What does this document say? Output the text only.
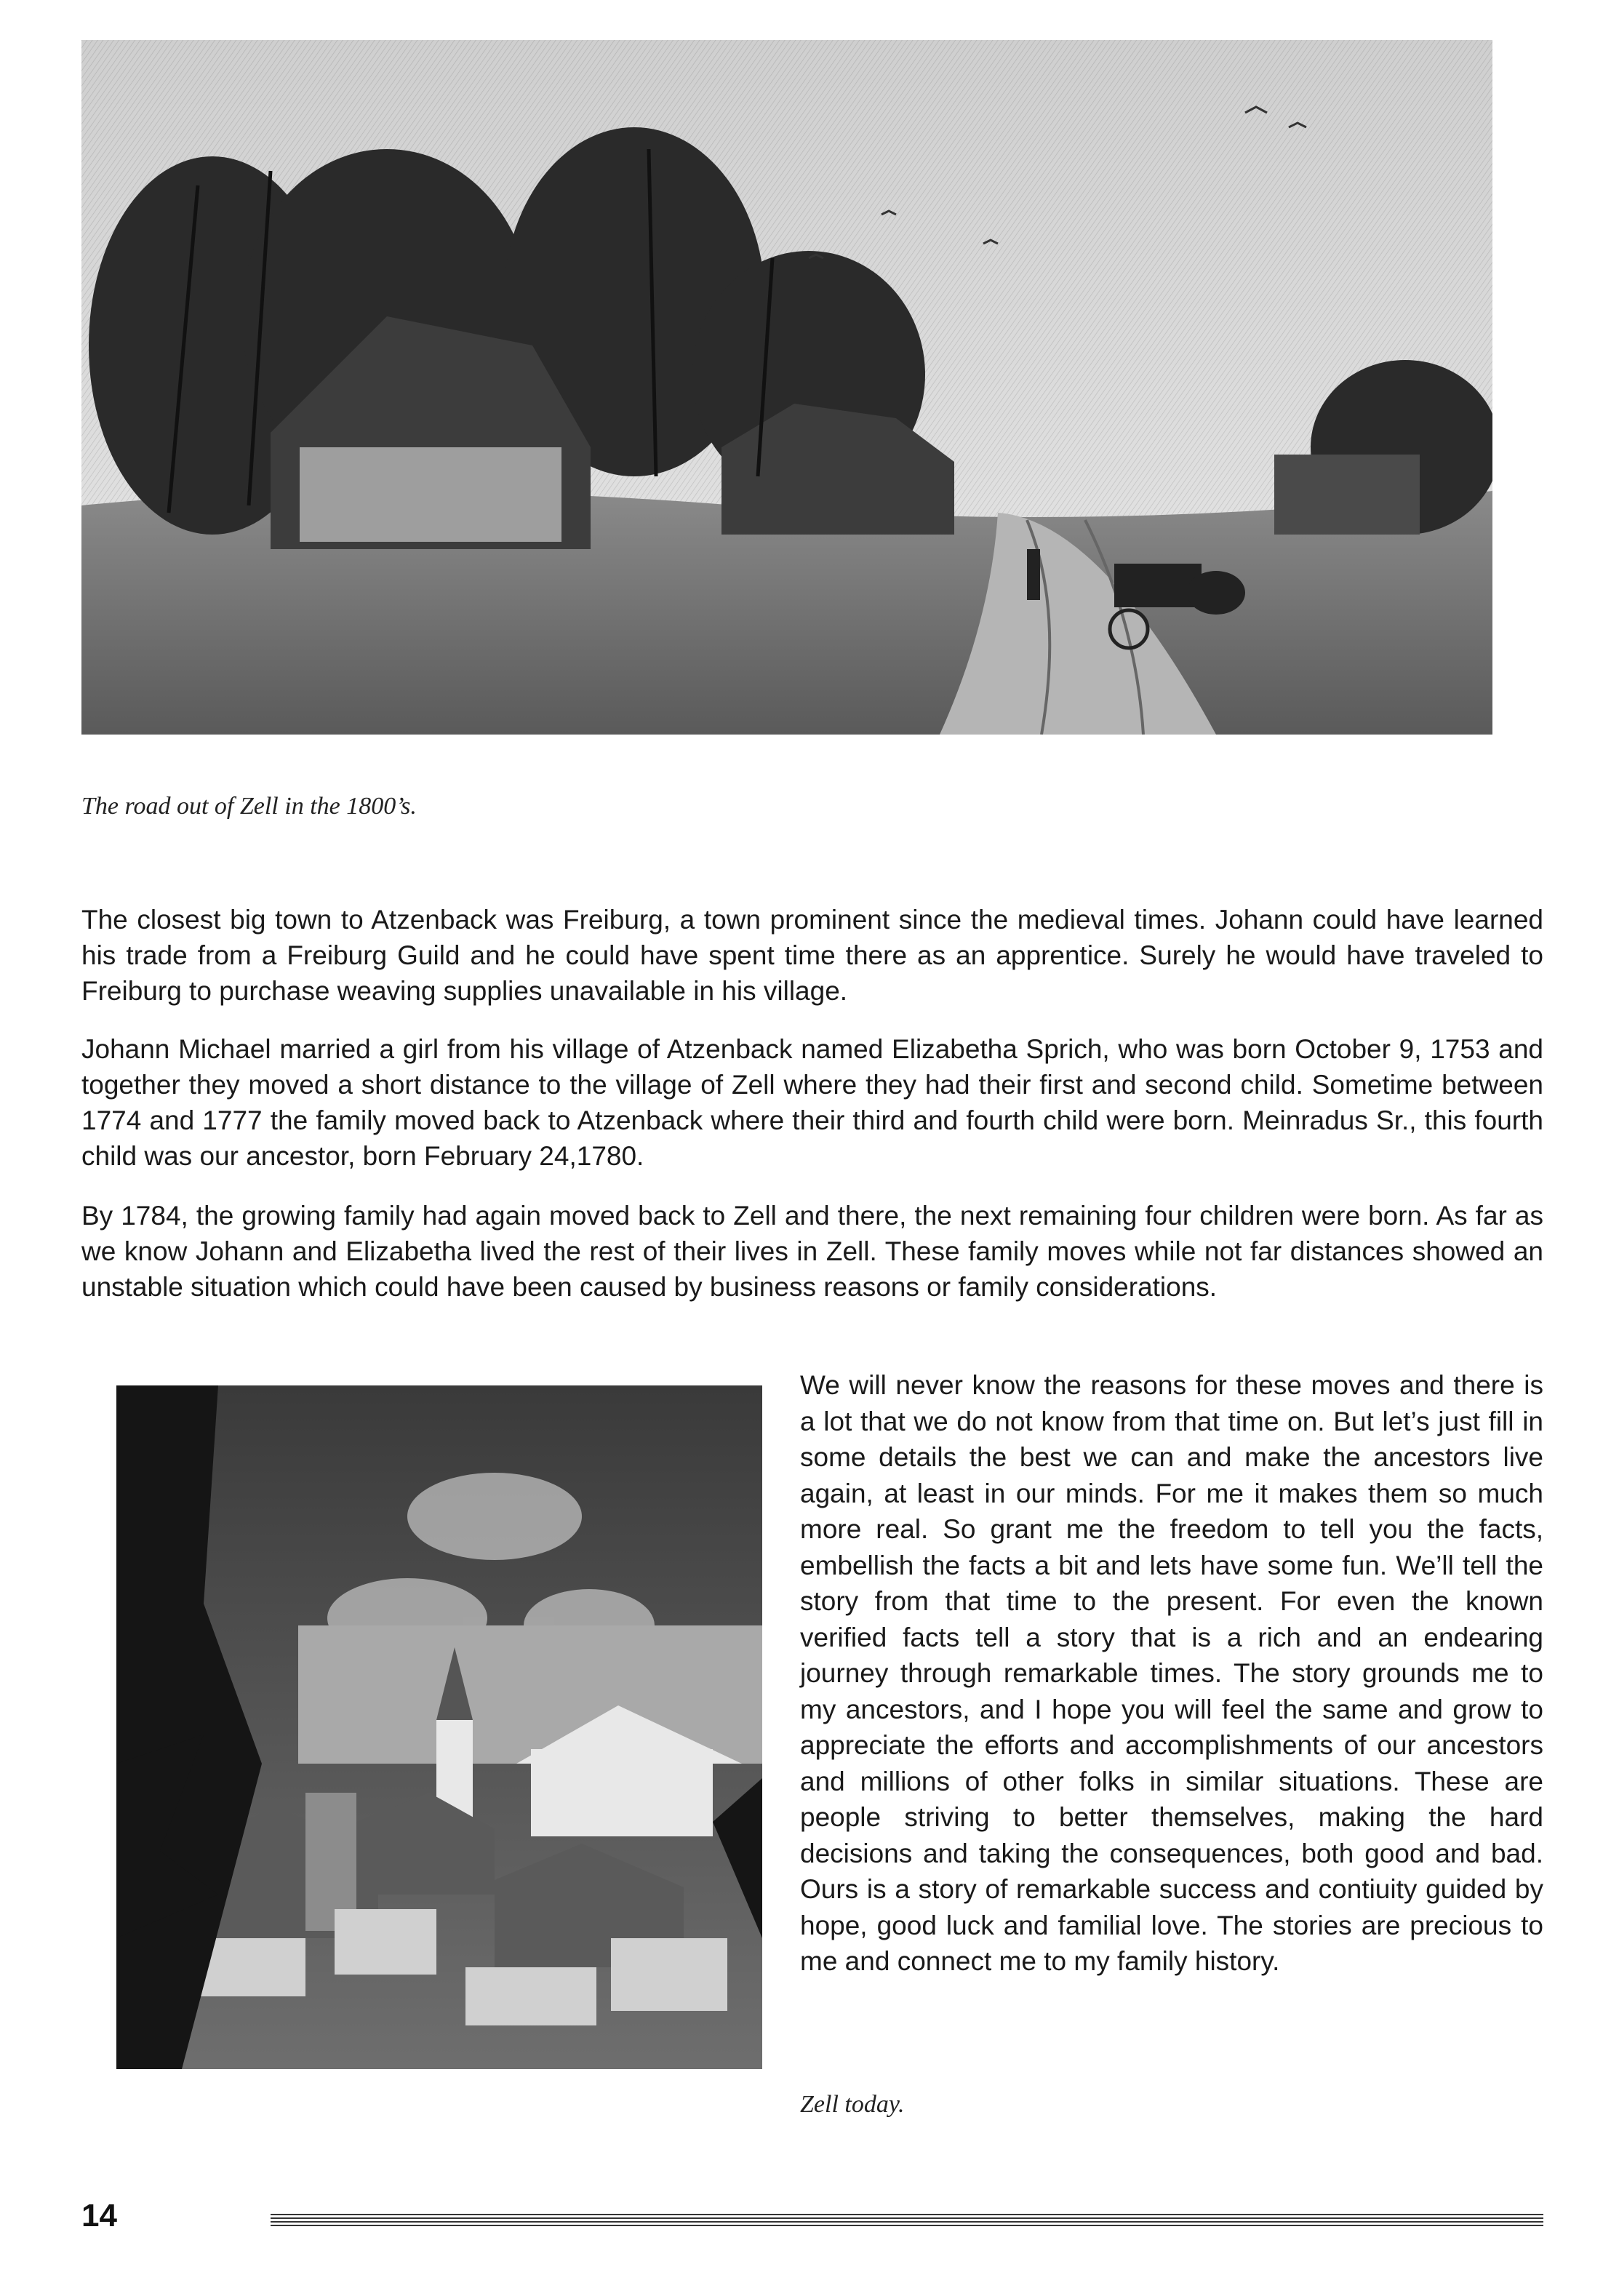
The road out of Zell in the 1800’s.

The closest big town to Atzenback was Freiburg, a town prominent since the medieval times. Johann could have learned his trade from a Freiburg Guild and he could have spent time there as an apprentice. Surely he would have traveled to Freiburg to purchase weaving supplies unavailable in his village.

Johann Michael married a girl from his village of Atzenback named Elizabetha Sprich, who was born October 9, 1753 and together they moved a short distance to the village of Zell where they had their first and second child. Sometime between 1774 and 1777 the family moved back to Atzenback where their third and fourth child were born. Meinradus Sr., this fourth child was our ancestor, born February 24,1780.

By 1784, the growing family had again moved back to Zell and there, the next remaining four children were born. As far as we know Johann and Elizabetha lived the rest of their lives in Zell. These family moves while not far distances showed an unstable situation which could have been caused by business reasons or family considerations.

We will never know the reasons for these moves and there is a lot that we do not know from that time on. But let’s just fill in some details the best we can and make the ancestors live again, at least in our minds. For me it makes them so much more real. So grant me the freedom to tell you the facts, embellish the facts a bit and lets have some fun. We’ll tell the story from that time to the present. For even the known verified facts tell a story that is a rich and an endearing journey through remarkable times. The story grounds me to my ancestors, and I hope you will feel the same and grow to appreciate the efforts and accomplishments of our ancestors and millions of other folks in similar situations. These are people striving to better themselves, making the hard decisions and taking the consequences, both good and bad. Ours is a story of remarkable success and contiuity guided by hope, good luck and familial love. The stories are precious to me and connect me to my family history.

Zell today.
14
